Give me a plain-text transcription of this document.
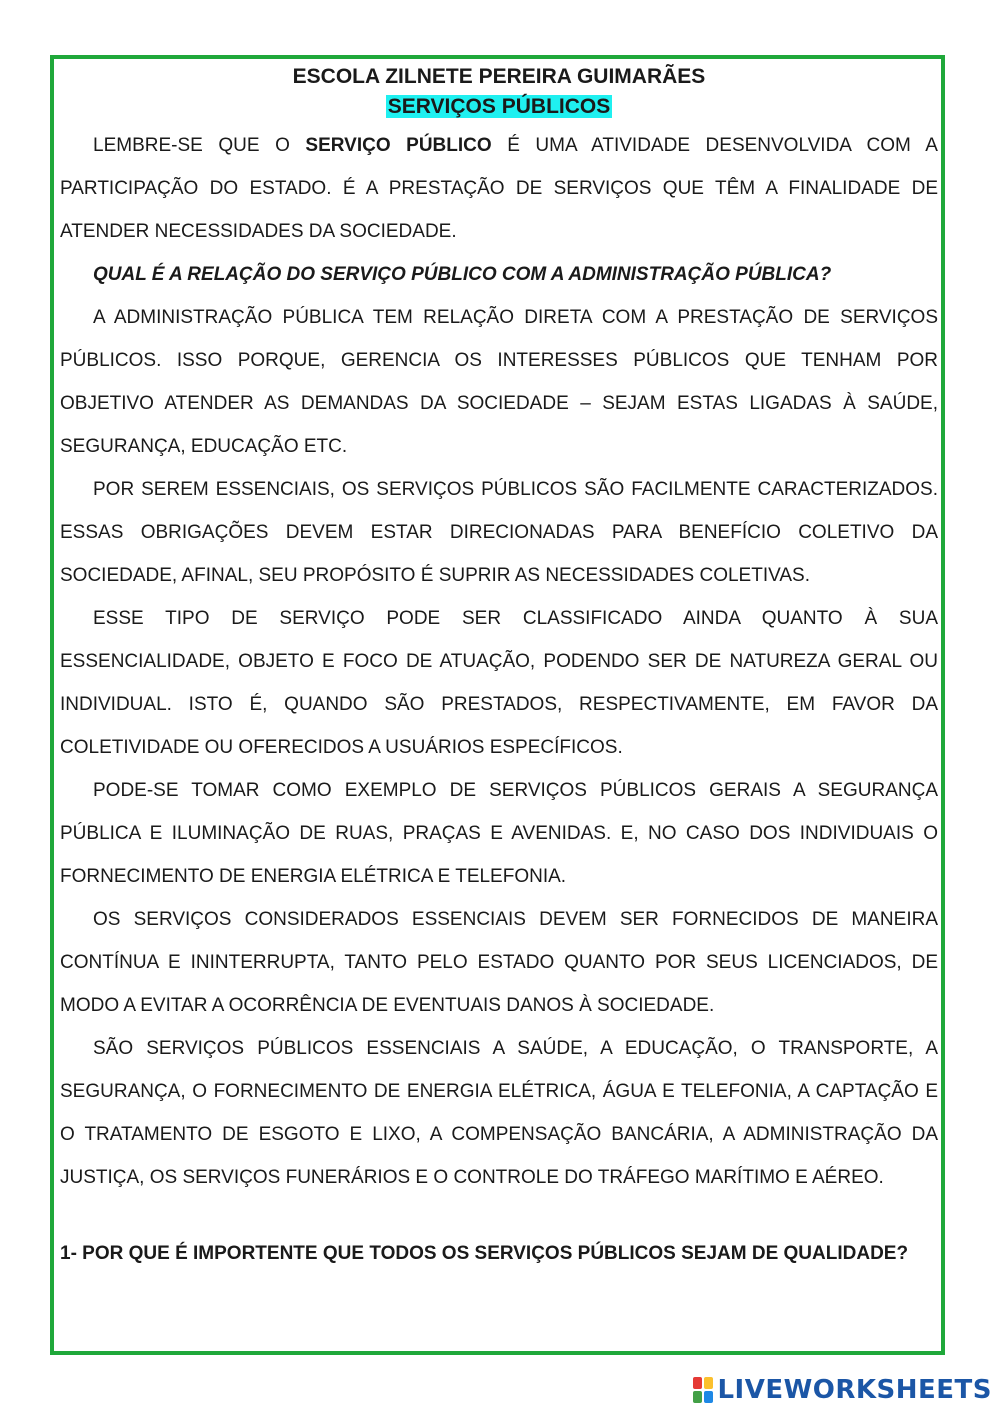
ESCOLA ZILNETE PEREIRA GUIMARÃES

SERVIÇOS PÚBLICOS

LEMBRE-SE QUE O SERVIÇO PÚBLICO É UMA ATIVIDADE DESENVOLVIDA COM A PARTICIPAÇÃO DO ESTADO. É A PRESTAÇÃO DE SERVIÇOS QUE TÊM A FINALIDADE DE ATENDER NECESSIDADES DA SOCIEDADE.

QUAL É A RELAÇÃO DO SERVIÇO PÚBLICO COM A ADMINISTRAÇÃO PÚBLICA?

A ADMINISTRAÇÃO PÚBLICA TEM RELAÇÃO DIRETA COM A PRESTAÇÃO DE SERVIÇOS PÚBLICOS. ISSO PORQUE, GERENCIA OS INTERESSES PÚBLICOS QUE TENHAM POR OBJETIVO ATENDER AS DEMANDAS DA SOCIEDADE – SEJAM ESTAS LIGADAS À SAÚDE, SEGURANÇA, EDUCAÇÃO ETC.

POR SEREM ESSENCIAIS, OS SERVIÇOS PÚBLICOS SÃO FACILMENTE CARACTERIZADOS. ESSAS OBRIGAÇÕES DEVEM ESTAR DIRECIONADAS PARA BENEFÍCIO COLETIVO DA SOCIEDADE, AFINAL, SEU PROPÓSITO É SUPRIR AS NECESSIDADES COLETIVAS.

ESSE TIPO DE SERVIÇO PODE SER CLASSIFICADO AINDA QUANTO À SUA ESSENCIALIDADE, OBJETO E FOCO DE ATUAÇÃO, PODENDO SER DE NATUREZA GERAL OU INDIVIDUAL. ISTO É, QUANDO SÃO PRESTADOS, RESPECTIVAMENTE, EM FAVOR DA COLETIVIDADE OU OFERECIDOS A USUÁRIOS ESPECÍFICOS.

PODE-SE TOMAR COMO EXEMPLO DE SERVIÇOS PÚBLICOS GERAIS A SEGURANÇA PÚBLICA E ILUMINAÇÃO DE RUAS, PRAÇAS E AVENIDAS. E, NO CASO DOS INDIVIDUAIS O FORNECIMENTO DE ENERGIA ELÉTRICA E TELEFONIA.

OS SERVIÇOS CONSIDERADOS ESSENCIAIS DEVEM SER FORNECIDOS DE MANEIRA CONTÍNUA E ININTERRUPTA, TANTO PELO ESTADO QUANTO POR SEUS LICENCIADOS, DE MODO A EVITAR A OCORRÊNCIA DE EVENTUAIS DANOS À SOCIEDADE.

SÃO SERVIÇOS PÚBLICOS ESSENCIAIS A SAÚDE, A EDUCAÇÃO, O TRANSPORTE, A SEGURANÇA, O FORNECIMENTO DE ENERGIA ELÉTRICA, ÁGUA E TELEFONIA, A CAPTAÇÃO E O TRATAMENTO DE ESGOTO E LIXO, A COMPENSAÇÃO BANCÁRIA, A ADMINISTRAÇÃO DA JUSTIÇA, OS SERVIÇOS FUNERÁRIOS E O CONTROLE DO TRÁFEGO MARÍTIMO E AÉREO.

1- POR QUE É IMPORTENTE QUE TODOS OS SERVIÇOS PÚBLICOS SEJAM DE QUALIDADE?

LIVEWORKSHEETS
